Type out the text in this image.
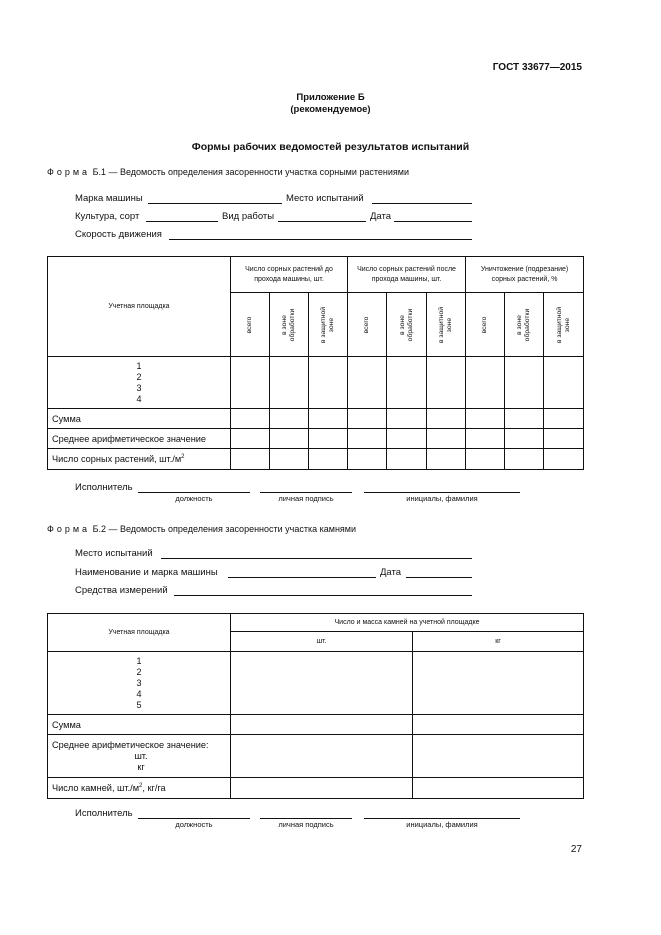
ГОСТ 33677—2015
Приложение Б
(рекомендуемое)
Формы рабочих ведомостей результатов испытаний
Форма Б.1 — Ведомость определения засоренности участка сорными растениями
Марка машины	Место испытаний
Культура, сорт	Вид работы	Дата
Скорость движения
Учетная площадка	Число сорных растений до прохода машины, шт.			Число сорных растений после прохода машины, шт.			Уничтожение (подрезание) сорных растений, %		

	всего	в зоне обработки	в защитной зоне	всего	в зоне обработки	в защитной зоне	всего	в зоне обработки	в защитной зоне

1
2
3
4									

Сумма									
Среднее арифметическое значение									
Число сорных растений, $шт./м^2$									
Исполнитель
должность	личная подпись	инициалы, фамилия
Форма Б.2 — Ведомость определения засоренности участка камнями
Место испытаний
Наименование и марка машины	Дата
Средства измерений
Учетная площадка	Число и масса камней на учетной площадке	
	шт.	кг

1
2
3
4
5		

Сумма		
Среднее арифметическое значение:
шт.
кг		

Число камней, $шт./м^2$, кг/га		
Исполнитель
должность	личная подпись	инициалы, фамилия
27
